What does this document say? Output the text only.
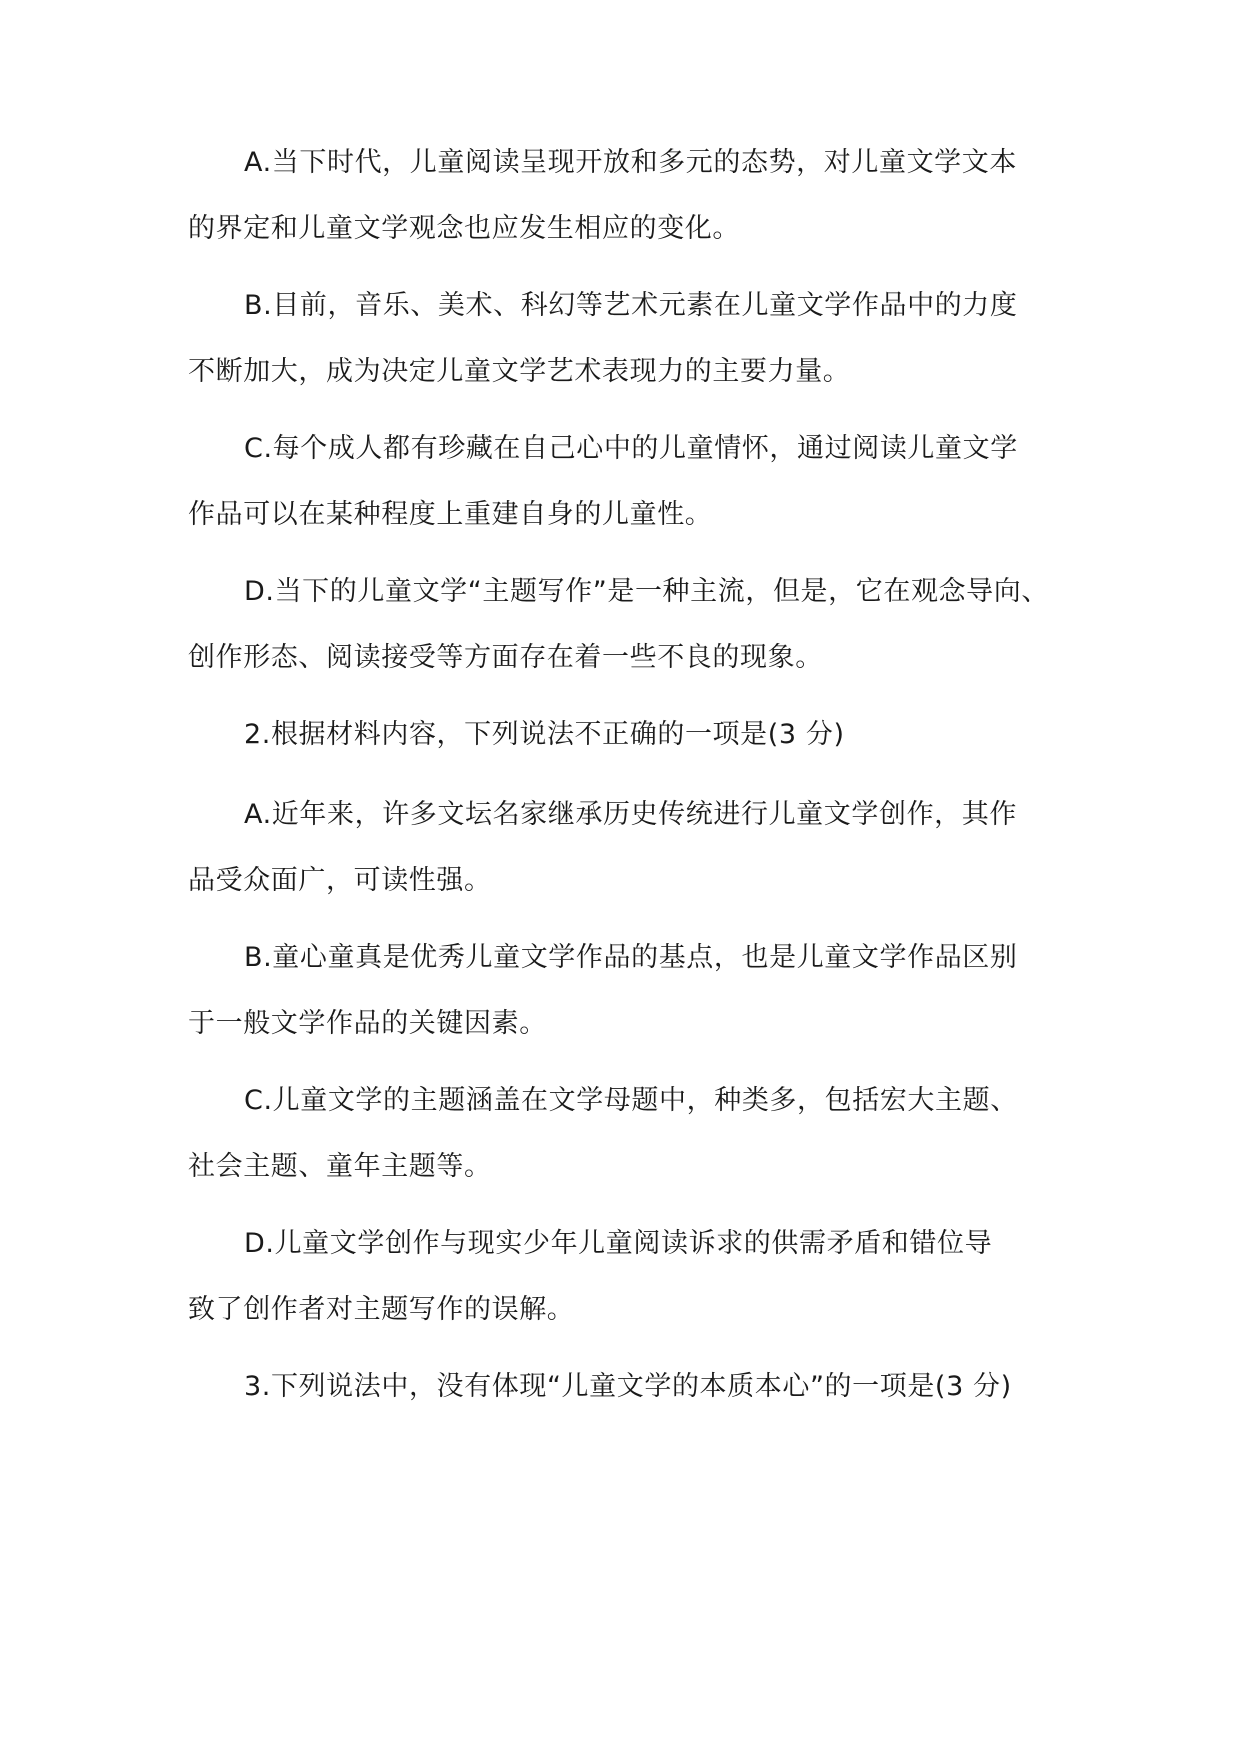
A.当下时代，儿童阅读呈现开放和多元的态势，对儿童文学文本
的界定和儿童文学观念也应发生相应的变化。

B.目前，音乐、美术、科幻等艺术元素在儿童文学作品中的力度
不断加大，成为决定儿童文学艺术表现力的主要力量。

C.每个成人都有珍藏在自己心中的儿童情怀，通过阅读儿童文学
作品可以在某种程度上重建自身的儿童性。

D.当下的儿童文学“主题写作”是一种主流，但是，它在观念导向、
创作形态、阅读接受等方面存在着一些不良的现象。

2.根据材料内容，下列说法不正确的一项是(3 分)

A.近年来，许多文坛名家继承历史传统进行儿童文学创作，其作
品受众面广，可读性强。

B.童心童真是优秀儿童文学作品的基点，也是儿童文学作品区别
于一般文学作品的关键因素。

C.儿童文学的主题涵盖在文学母题中，种类多，包括宏大主题、
社会主题、童年主题等。

D.儿童文学创作与现实少年儿童阅读诉求的供需矛盾和错位导
致了创作者对主题写作的误解。

3.下列说法中，没有体现“儿童文学的本质本心”的一项是(3 分)
